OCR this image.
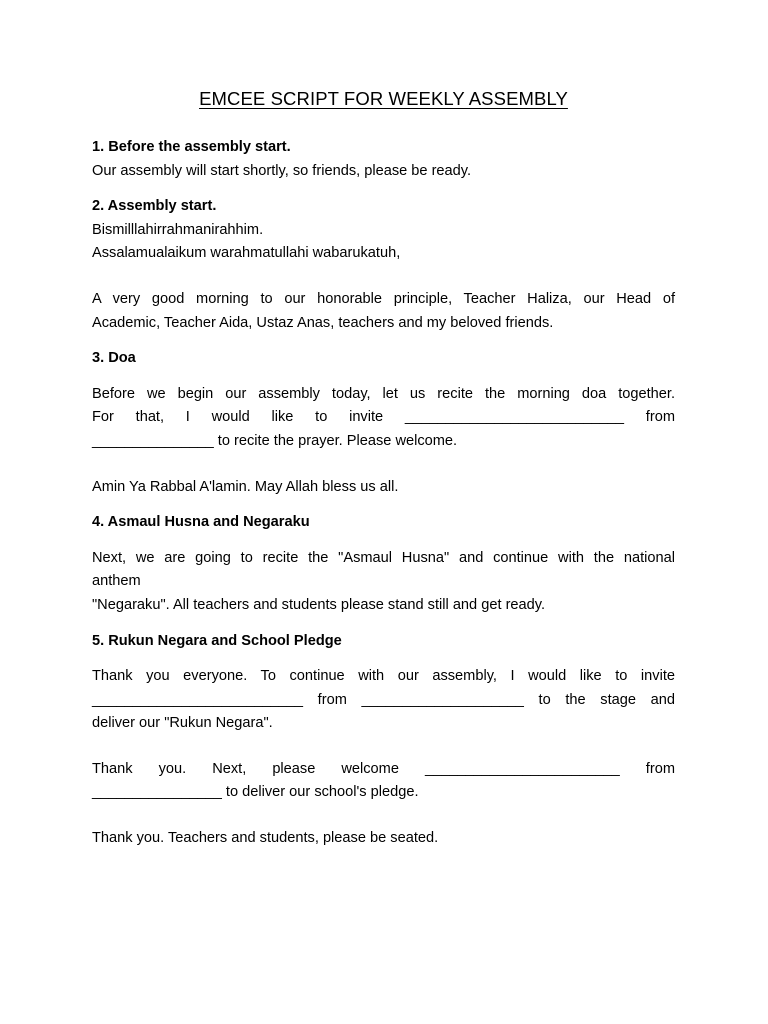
EMCEE SCRIPT FOR WEEKLY ASSEMBLY

1. Before the assembly start.

Our assembly will start shortly, so friends, please be ready.

2. Assembly start.

Bismilllahirrahmanirahhim.

Assalamualaikum warahmatullahi wabarukatuh,

A very good morning to our honorable principle, Teacher Haliza, our Head of

Academic, Teacher Aida, Ustaz Anas, teachers and my beloved friends.

3. Doa

Before we begin our assembly today, let us recite the morning doa together.

For that, I would like to invite ___________________________ from

_______________ to recite the prayer. Please welcome.

Amin Ya Rabbal A'lamin. May Allah bless us all.

4. Asmaul Husna and Negaraku

Next, we are going to recite the "Asmaul Husna" and continue with the national

anthem

"Negaraku". All teachers and students please stand still and get ready.

5. Rukun Negara and School Pledge

Thank you everyone. To continue with our assembly, I would like to invite

__________________________ from ____________________ to the stage and

deliver our "Rukun Negara".

Thank you. Next, please welcome ________________________ from

________________ to deliver our school's pledge.

Thank you. Teachers and students, please be seated.
